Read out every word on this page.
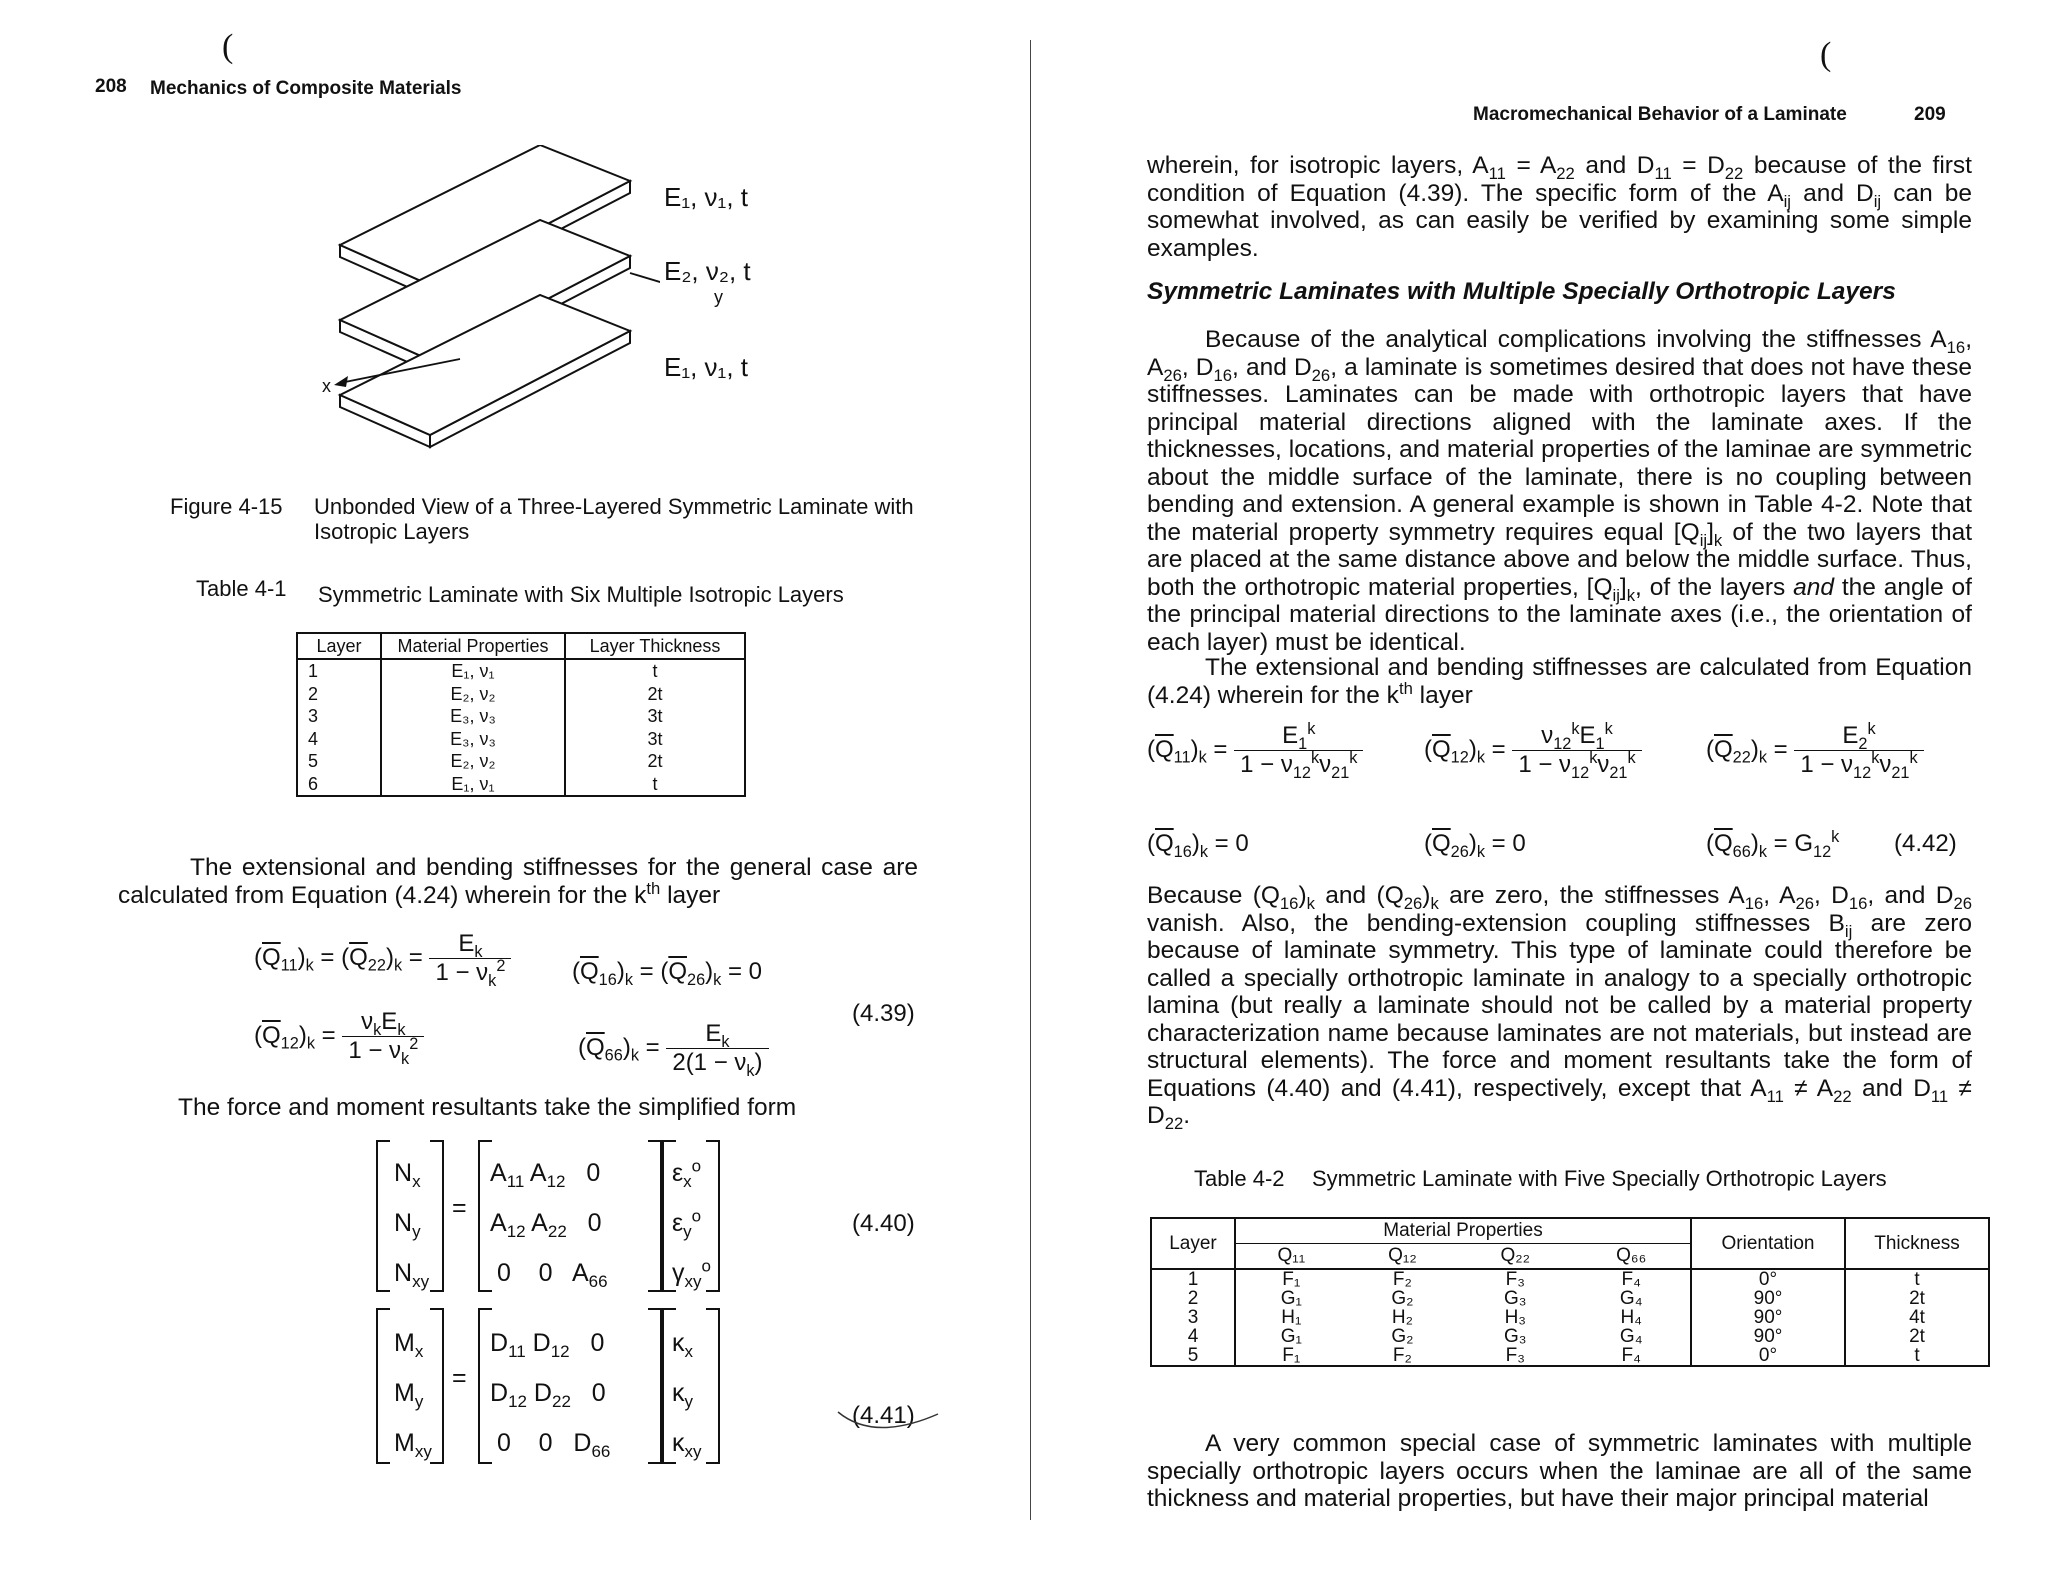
(
208 Mechanics of Composite Materials
E₁, ν₁, t
E₂, ν₂, t
y
E₁, ν₁, t
x
Figure 4-15 Unbonded View of a Three-Layered Symmetric Laminate with Isotropic Layers
Table 4-1 Symmetric Laminate with Six Multiple Isotropic Layers
Layer	Material Properties	Layer Thickness
1	E₁, ν₁	t
2	E₂, ν₂	2t
3	E₃, ν₃	3t
4	E₃, ν₃	3t
5	E₂, ν₂	2t
6	E₁, ν₁	t
The extensional and bending stiffnesses for the general case are calculated from Equation (4.24) wherein for the $k^{th}$ layer
$(\overline{Q}_{11})_k = (\overline{Q}_{22})_k = \frac{E_k}{1 - \nu_k^2}$	$(\overline{Q}_{16})_k = (\overline{Q}_{26})_k = 0$
(4.39)
$(\overline{Q}_{12})_k = \frac{\nu_kE_k}{1 - \nu_k^2}$	$(\overline{Q}_{66})_k = \frac{E_k}{2(1 - \nu_k)}$
The force and moment resultants take the simplified form
$N_x$
$N_y$
$N_{xy}$
=
$A_{11}$ $A_{12}$   0
$A_{12}$ $A_{22}$   0
0    0   $A_{66}$
$\varepsilon_x^o$
$\varepsilon_y^o$
$\gamma_{xy}^o$
(4.40)
$M_x$
$M_y$
$M_{xy}$
=
$D_{11}$ $D_{12}$   0
$D_{12}$ $D_{22}$   0
0    0   $D_{66}$
$\kappa_x$
$\kappa_y$
$\kappa_{xy}$
(4.41)
(
Macromechanical Behavior of a Laminate	209
wherein, for isotropic layers, $A_{11} = A_{22}$ and $D_{11} = D_{22}$ because of the first condition of Equation (4.39). The specific form of the $A_{ij}$ and $D_{ij}$ can be somewhat involved, as can easily be verified by examining some simple examples.
Symmetric Laminates with Multiple Specially Orthotropic Layers
Because of the analytical complications involving the stiffnesses $A_{16}$, $A_{26}$, $D_{16}$, and $D_{26}$, a laminate is sometimes desired that does not have these stiffnesses. Laminates can be made with orthotropic layers that have principal material directions aligned with the laminate axes. If the thicknesses, locations, and material properties of the laminae are symmetric about the middle surface of the laminate, there is no coupling between bending and extension. A general example is shown in Table 4-2. Note that the material property symmetry requires equal $[Q_{ij}]_k$ of the two layers that are placed at the same distance above and below the middle surface. Thus, both the orthotropic material properties, $[Q_{ij}]_k$, of the layers and the angle of the principal material directions to the laminate axes (i.e., the orientation of each layer) must be identical.
The extensional and bending stiffnesses are calculated from Equation (4.24) wherein for the $k^{th}$ layer
$(\overline{Q}_{11})_k = \frac{E_1^k}{1 - \nu_{12}^k\nu_{21}^k}$	$(\overline{Q}_{12})_k = \frac{\nu_{12}^kE_1^k}{1 - \nu_{12}^k\nu_{21}^k}$	$(\overline{Q}_{22})_k = \frac{E_2^k}{1 - \nu_{12}^k\nu_{21}^k}$
$(\overline{Q}_{16})_k = 0$	$(\overline{Q}_{26})_k = 0$	$(\overline{Q}_{66})_k = G_{12}^k$ (4.42)
Because $(Q_{16})_k$ and $(Q_{26})_k$ are zero, the stiffnesses $A_{16}$, $A_{26}$, $D_{16}$, and $D_{26}$ vanish. Also, the bending-extension coupling stiffnesses $B_{ij}$ are zero because of laminate symmetry. This type of laminate could therefore be called a specially orthotropic laminate in analogy to a specially orthotropic lamina (but really a laminate should not be called by a material property characterization name because laminates are not materials, but instead are structural elements). The force and moment resultants take the form of Equations (4.40) and (4.41), respectively, except that $A_{11} \ne A_{22}$ and $D_{11} \ne D_{22}$.
Table 4-2 Symmetric Laminate with Five Specially Orthotropic Layers
Layer	Material Properties				Orientation	Thickness
	Q₁₁	Q₁₂	Q₂₂	Q₆₆		
1	F₁	F₂	F₃	F₄	0°	t
2	G₁	G₂	G₃	G₄	90°	2t
3	H₁	H₂	H₃	H₄	90°	4t
4	G₁	G₂	G₃	G₄	90°	2t
5	F₁	F₂	F₃	F₄	0°	t
A very common special case of symmetric laminates with multiple specially orthotropic layers occurs when the laminae are all of the same thickness and material properties, but have their major principal material
